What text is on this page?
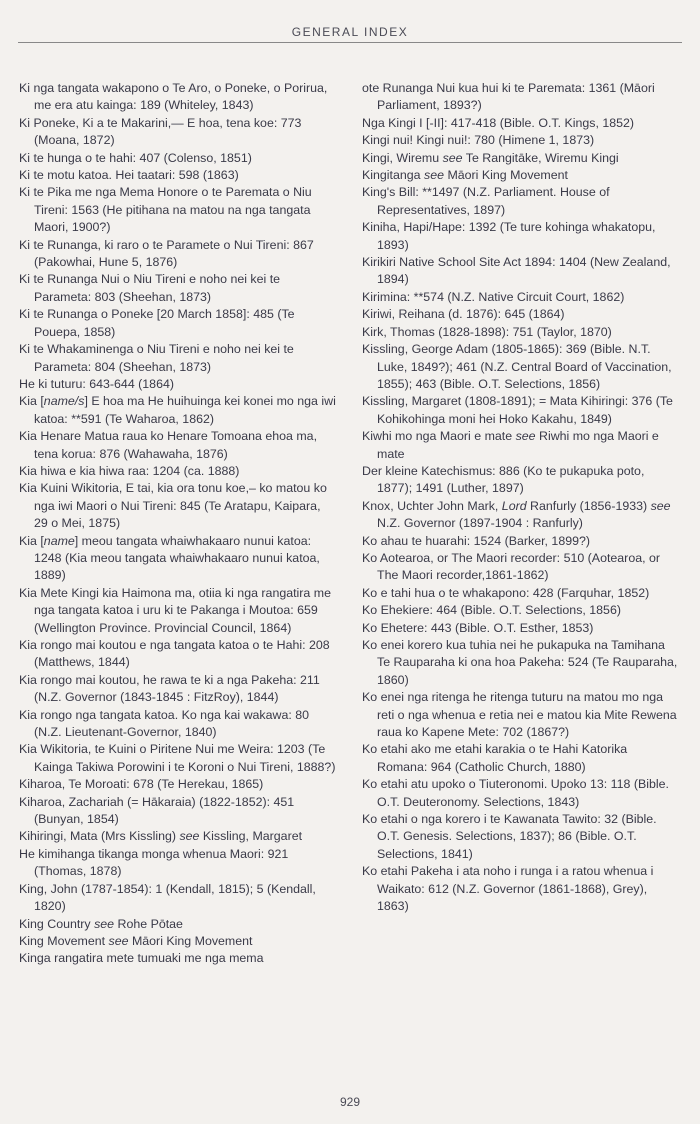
GENERAL INDEX

Ki nga tangata wakapono o Te Aro, o Poneke, o Porirua, me era atu kainga: 189 (Whiteley, 1843)

Ki Poneke, Ki a te Makarini,— E hoa, tena koe: 773 (Moana, 1872)

Ki te hunga o te hahi: 407 (Colenso, 1851)

Ki te motu katoa. Hei taatari: 598 (1863)

Ki te Pika me nga Mema Honore o te Paremata o Niu Tireni: 1563 (He pitihana na matou na nga tangata Maori, 1900?)

Ki te Runanga, ki raro o te Paramete o Nui Tireni: 867 (Pakowhai, Hune 5, 1876)

Ki te Runanga Nui o Niu Tireni e noho nei kei te Parameta: 803 (Sheehan, 1873)

Ki te Runanga o Poneke [20 March 1858]: 485 (Te Pouepa, 1858)

Ki te Whakaminenga o Niu Tireni e noho nei kei te Parameta: 804 (Sheehan, 1873)

He ki tuturu: 643-644 (1864)

Kia [name/s] E hoa ma He huihuinga kei konei mo nga iwi katoa: **591 (Te Waharoa, 1862)

Kia Henare Matua raua ko Henare Tomoana ehoa ma, tena korua: 876 (Wahawaha, 1876)

Kia hiwa e kia hiwa raa: 1204 (ca. 1888)

Kia Kuini Wikitoria, E tai, kia ora tonu koe,– ko matou ko nga iwi Maori o Nui Tireni: 845 (Te Aratapu, Kaipara, 29 o Mei, 1875)

Kia [name] meou tangata whaiwhakaaro nunui katoa: 1248 (Kia meou tangata whaiwhakaaro nunui katoa, 1889)

Kia Mete Kingi kia Haimona ma, otiia ki nga rangatira me nga tangata katoa i uru ki te Pakanga i Moutoa: 659 (Wellington Province. Provincial Council, 1864)

Kia rongo mai koutou e nga tangata katoa o te Hahi: 208 (Matthews, 1844)

Kia rongo mai koutou, he rawa te ki a nga Pakeha: 211 (N.Z. Governor (1843-1845 : FitzRoy), 1844)

Kia rongo nga tangata katoa. Ko nga kai wakawa: 80 (N.Z. Lieutenant-Governor, 1840)

Kia Wikitoria, te Kuini o Piritene Nui me Weira: 1203 (Te Kainga Takiwa Porowini i te Koroni o Nui Tireni, 1888?)

Kiharoa, Te Moroati: 678 (Te Herekau, 1865)

Kiharoa, Zachariah (= Hākaraia) (1822-1852): 451 (Bunyan, 1854)

Kihiringi, Mata (Mrs Kissling) see Kissling, Margaret

He kimihanga tikanga monga whenua Maori: 921 (Thomas, 1878)

King, John (1787-1854): 1 (Kendall, 1815); 5 (Kendall, 1820)

King Country see Rohe Pōtae

King Movement see Māori King Movement

Kinga rangatira mete tumuaki me nga mema

ote Runanga Nui kua hui ki te Paremata: 1361 (Māori Parliament, 1893?)

Nga Kingi I [-II]: 417-418 (Bible. O.T. Kings, 1852)

Kingi nui! Kingi nui!: 780 (Himene 1, 1873)

Kingi, Wiremu see Te Rangitāke, Wiremu Kingi

Kingitanga see Māori King Movement

King's Bill: **1497 (N.Z. Parliament. House of Representatives, 1897)

Kiniha, Hapi/Hape: 1392 (Te ture kohinga whakatopu, 1893)

Kirikiri Native School Site Act 1894: 1404 (New Zealand, 1894)

Kirimina: **574 (N.Z. Native Circuit Court, 1862)

Kiriwi, Reihana (d. 1876): 645 (1864)

Kirk, Thomas (1828-1898): 751 (Taylor, 1870)

Kissling, George Adam (1805-1865): 369 (Bible. N.T. Luke, 1849?); 461 (N.Z. Central Board of Vaccination, 1855); 463 (Bible. O.T. Selections, 1856)

Kissling, Margaret (1808-1891); = Mata Kihiringi: 376 (Te Kohikohinga moni hei Hoko Kakahu, 1849)

Kiwhi mo nga Maori e mate see Riwhi mo nga Maori e mate

Der kleine Katechismus: 886 (Ko te pukapuka poto, 1877); 1491 (Luther, 1897)

Knox, Uchter John Mark, Lord Ranfurly (1856-1933) see N.Z. Governor (1897-1904 : Ranfurly)

Ko ahau te huarahi: 1524 (Barker, 1899?)

Ko Aotearoa, or The Maori recorder: 510 (Aotearoa, or The Maori recorder,1861-1862)

Ko e tahi hua o te whakapono: 428 (Farquhar, 1852)

Ko Ehekiere: 464 (Bible. O.T. Selections, 1856)

Ko Ehetere: 443 (Bible. O.T. Esther, 1853)

Ko enei korero kua tuhia nei he pukapuka na Tamihana Te Rauparaha ki ona hoa Pakeha: 524 (Te Rauparaha, 1860)

Ko enei nga ritenga he ritenga tuturu na matou mo nga reti o nga whenua e retia nei e matou kia Mite Rewena raua ko Kapene Mete: 702 (1867?)

Ko etahi ako me etahi karakia o te Hahi Katorika Romana: 964 (Catholic Church, 1880)

Ko etahi atu upoko o Tiuteronomi. Upoko 13: 118 (Bible. O.T. Deuteronomy. Selections, 1843)

Ko etahi o nga korero i te Kawanata Tawito: 32 (Bible. O.T. Genesis. Selections, 1837); 86 (Bible. O.T. Selections, 1841)

Ko etahi Pakeha i ata noho i runga i a ratou whenua i Waikato: 612 (N.Z. Governor (1861-1868), Grey), 1863)

929
